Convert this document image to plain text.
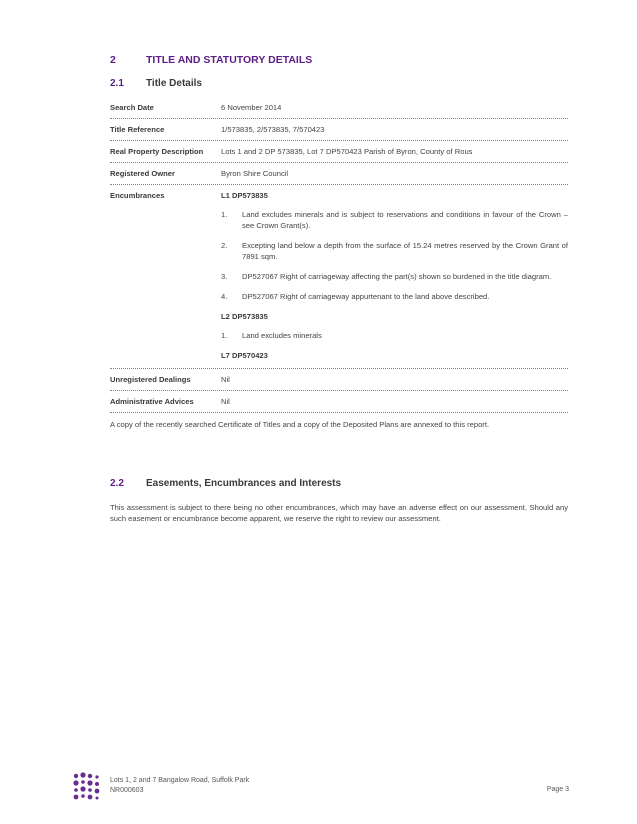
2	TITLE AND STATUTORY DETAILS
2.1 Title Details
Search Date	6 November 2014
Title Reference	1/573835, 2/573835, 7/570423
Real Property Description	Lots 1 and 2 DP 573835, Lot 7 DP570423 Parish of Byron, County of Rous
Registered Owner	Byron Shire Council
Encumbrances	L1 DP573835
1.	Land excludes minerals and is subject to reservations and conditions in favour of the Crown – see Crown Grant(s).
2.	Excepting land below a depth from the surface of 15.24 metres reserved by the Crown Grant of 7891 sqm.
3.	DP527067 Right of carriageway affecting the part(s) shown so burdened in the title diagram.
4.	DP527067 Right of carriageway appurtenant to the land above described.
L2 DP573835
1.	Land excludes minerals
L7 DP570423
Unregistered Dealings	Nil
Administrative Advices	Nil

A copy of the recently searched Certificate of Titles and a copy of the Deposited Plans are annexed to this report.

2.2 Easements, Encumbrances and Interests

This assessment is subject to there being no other encumbrances, which may have an adverse effect on our assessment. Should any such easement or encumbrance become apparent, we reserve the right to review our assessment.

Lots 1, 2 and 7 Bangalow Road, Suffolk Park
NR000603	Page 3
